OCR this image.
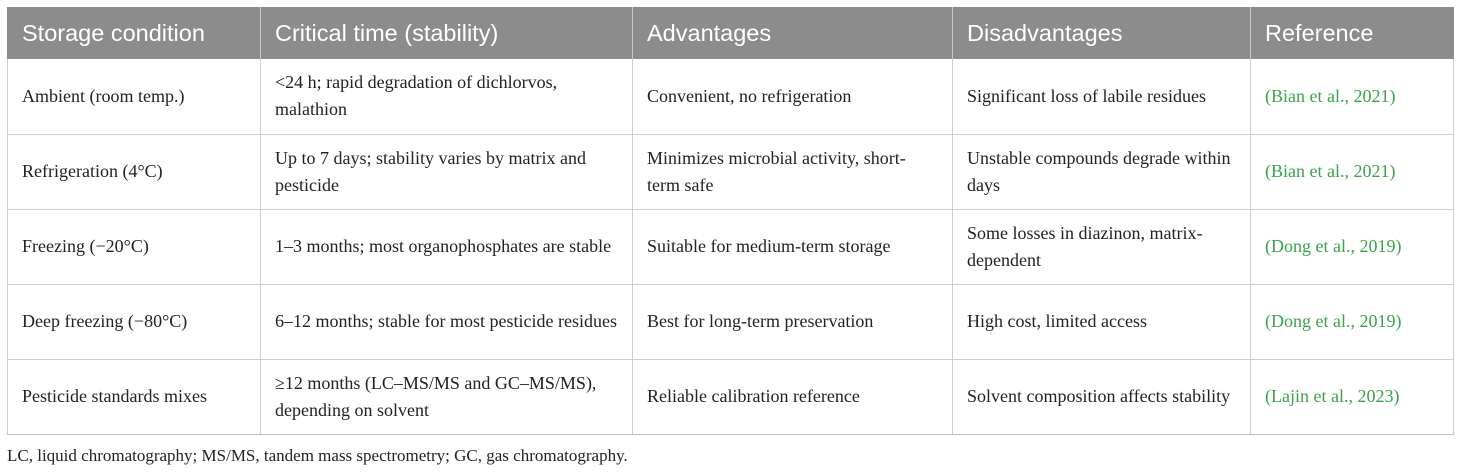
Storage condition	Critical time (stability)	Advantages	Disadvantages	Reference
Ambient (room temp.)	<24 h; rapid degradation of dichlorvos, malathion	Convenient, no refrigeration	Significant loss of labile residues	(Bian et al., 2021)
Refrigeration (4°C)	Up to 7 days; stability varies by matrix and pesticide	Minimizes microbial activity, short-term safe	Unstable compounds degrade within days	(Bian et al., 2021)
Freezing (−20°C)	1–3 months; most organophosphates are stable	Suitable for medium-term storage	Some losses in diazinon, matrix-dependent	(Dong et al., 2019)
Deep freezing (−80°C)	6–12 months; stable for most pesticide residues	Best for long-term preservation	High cost, limited access	(Dong et al., 2019)
Pesticide standards mixes	≥12 months (LC–MS/MS and GC–MS/MS), depending on solvent	Reliable calibration reference	Solvent composition affects stability	(Lajin et al., 2023)
LC, liquid chromatography; MS/MS, tandem mass spectrometry; GC, gas chromatography.
